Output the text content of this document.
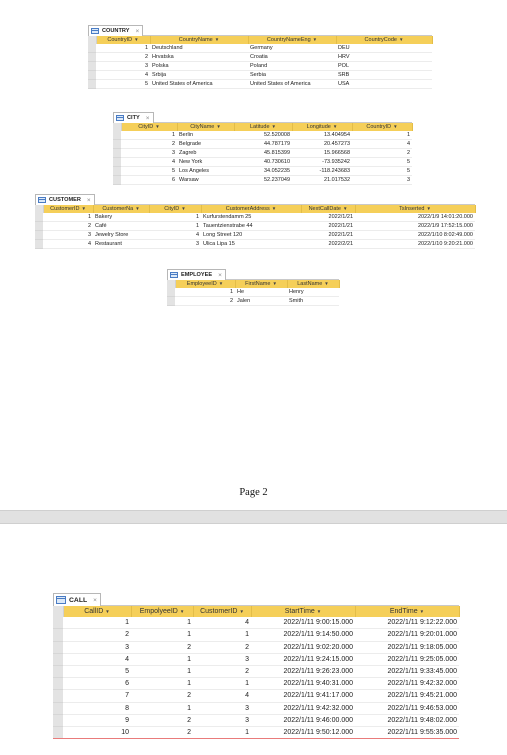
COUNTRY ×
	CountryID ▼	CountryName ▼	CountryNameEng ▼	CountryCode ▼
	1	Deutschland	Germany	DEU
	2	Hrvatska	Croatia	HRV
	3	Polska	Poland	POL
	4	Srbija	Serbia	SRB
	5	United States of America	United States of America	USA
CITY ×
	CityID ▼	CityName ▼	Latitude ▼	Longitude ▼	CountryID ▼
	1	Berlin	52.520008	13.404954	1
	2	Belgrade	44.787179	20.457273	4
	3	Zagreb	45.815399	15.966568	2
	4	New York	40.730610	-73.935242	5
	5	Los Angeles	34.052235	-118.243683	5
	6	Warsaw	52.237049	21.017532	3
CUSTOMER ×
	CustomerID ▼	CustomerNa ▼	CityID ▼	CustomerAddress ▼	NextCallDate ▼	TsInserted ▼
	1	Bakery	1	Kurfurstendamm 25	2022/1/21	2022/1/9 14:01:20.000
	2	Café	1	Tauentzienstrabe 44	2022/1/21	2022/1/9 17:52:15.000
	3	Jewelry Store	4	Long Street 120	2022/1/21	2022/1/10 8:02:49.000
	4	Restaurant	3	Ulica Lipa 15	2022/2/21	2022/1/10 9:20:21.000
EMPLOYEE ×
	EmployeeID ▼	FirstName ▼	LastName ▼
	1	He	Henry
	2	Jalen	Smith
Page 2
CALL ×
	CallID ▼	EmpolyeeID ▼	CustomerID ▼	StartTime ▼	EndTime ▼
	1	1	4	2022/1/11 9:00:15.000	2022/1/11 9:12:22.000
	2	1	1	2022/1/11 9:14:50.000	2022/1/11 9:20:01.000
	3	2	2	2022/1/11 9:02:20.000	2022/1/11 9:18:05.000
	4	1	3	2022/1/11 9:24:15.000	2022/1/11 9:25:05.000
	5	1	2	2022/1/11 9:26:23.000	2022/1/11 9:33:45.000
	6	1	1	2022/1/11 9:40:31.000	2022/1/11 9:42:32.000
	7	2	4	2022/1/11 9:41:17.000	2022/1/11 9:45:21.000
	8	1	3	2022/1/11 9:42:32.000	2022/1/11 9:46:53.000
	9	2	3	2022/1/11 9:46:00.000	2022/1/11 9:48:02.000
	10	2	1	2022/1/11 9:50:12.000	2022/1/11 9:55:35.000
